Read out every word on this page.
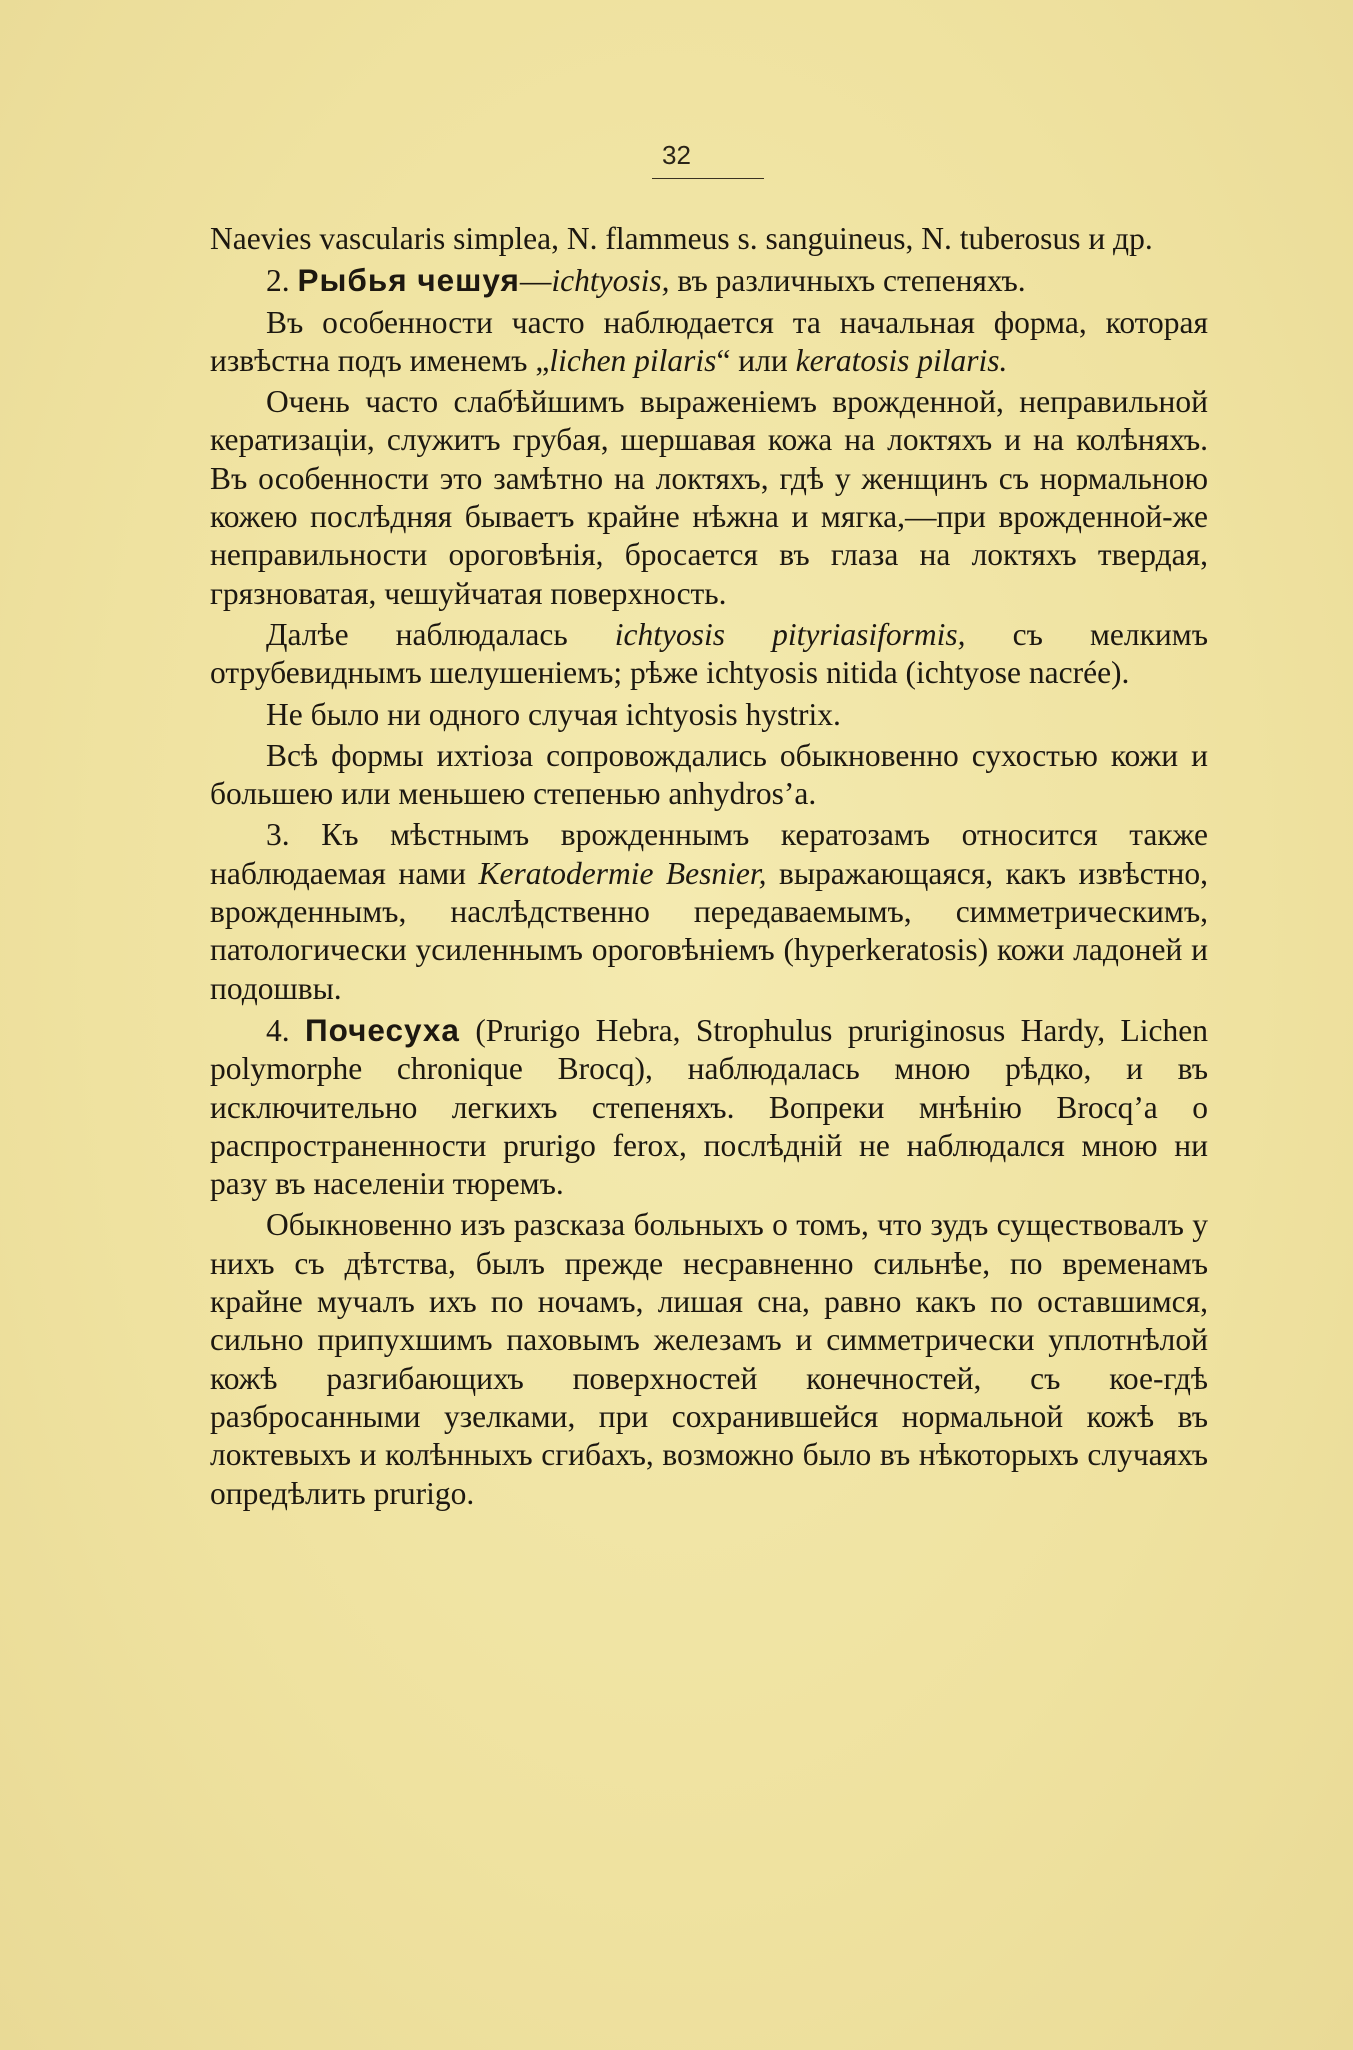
32

Naevies vascularis simplea, N. flammeus s. sanguineus, N. tuberosus и др.

2. Рыбья чешуя—ichtyosis, въ различныхъ степеняхъ.

Въ особенности часто наблюдается та начальная форма, которая извѣстна подъ именемъ „lichen pilaris“ или keratosis pilaris.

Очень часто слабѣйшимъ выраженіемъ врожденной, неправильной кератизаціи, служитъ грубая, шершавая кожа на локтяхъ и на колѣняхъ. Въ особенности это замѣтно на локтяхъ, гдѣ у женщинъ съ нормальною кожею послѣдняя бываетъ крайне нѣжна и мягка,—при врожденной-же неправильности ороговѣнія, бросается въ глаза на локтяхъ твердая, грязноватая, чешуйчатая поверхность.

Далѣе наблюдалась ichtyosis pityriasiformis, съ мелкимъ отрубевиднымъ шелушеніемъ; рѣже ichtyosis nitida (ichtyose nacrée).

Не было ни одного случая ichtyosis hystrix.

Всѣ формы ихтіоза сопровождались обыкновенно сухостью кожи и большею или меньшею степенью anhydros’a.

3. Къ мѣстнымъ врожденнымъ кератозамъ относится также наблюдаемая нами Keratodermie Besnier, выражающаяся, какъ извѣстно, врожденнымъ, наслѣдственно передаваемымъ, симметрическимъ, патологически усиленнымъ ороговѣніемъ (hyperkeratosis) кожи ладоней и подошвы.

4. Почесуха (Prurigo Hebra, Strophulus pruriginosus Hardy, Lichen polymorphe chronique Brocq), наблюдалась мною рѣдко, и въ исключительно легкихъ степеняхъ. Вопреки мнѣнію Brocq’a о распространенности prurigo ferox, послѣдній не наблюдался мною ни разу въ населеніи тюремъ.

Обыкновенно изъ разсказа больныхъ о томъ, что зудъ существовалъ у нихъ съ дѣтства, былъ прежде несравненно сильнѣе, по временамъ крайне мучалъ ихъ по ночамъ, лишая сна, равно какъ по оставшимся, сильно припухшимъ паховымъ железамъ и симметрически уплотнѣлой кожѣ разгибающихъ поверхностей конечностей, съ кое-гдѣ разбросанными узелками, при сохранившейся нормальной кожѣ въ локтевыхъ и колѣнныхъ сгибахъ, возможно было въ нѣкоторыхъ случаяхъ опредѣлить prurigo.
